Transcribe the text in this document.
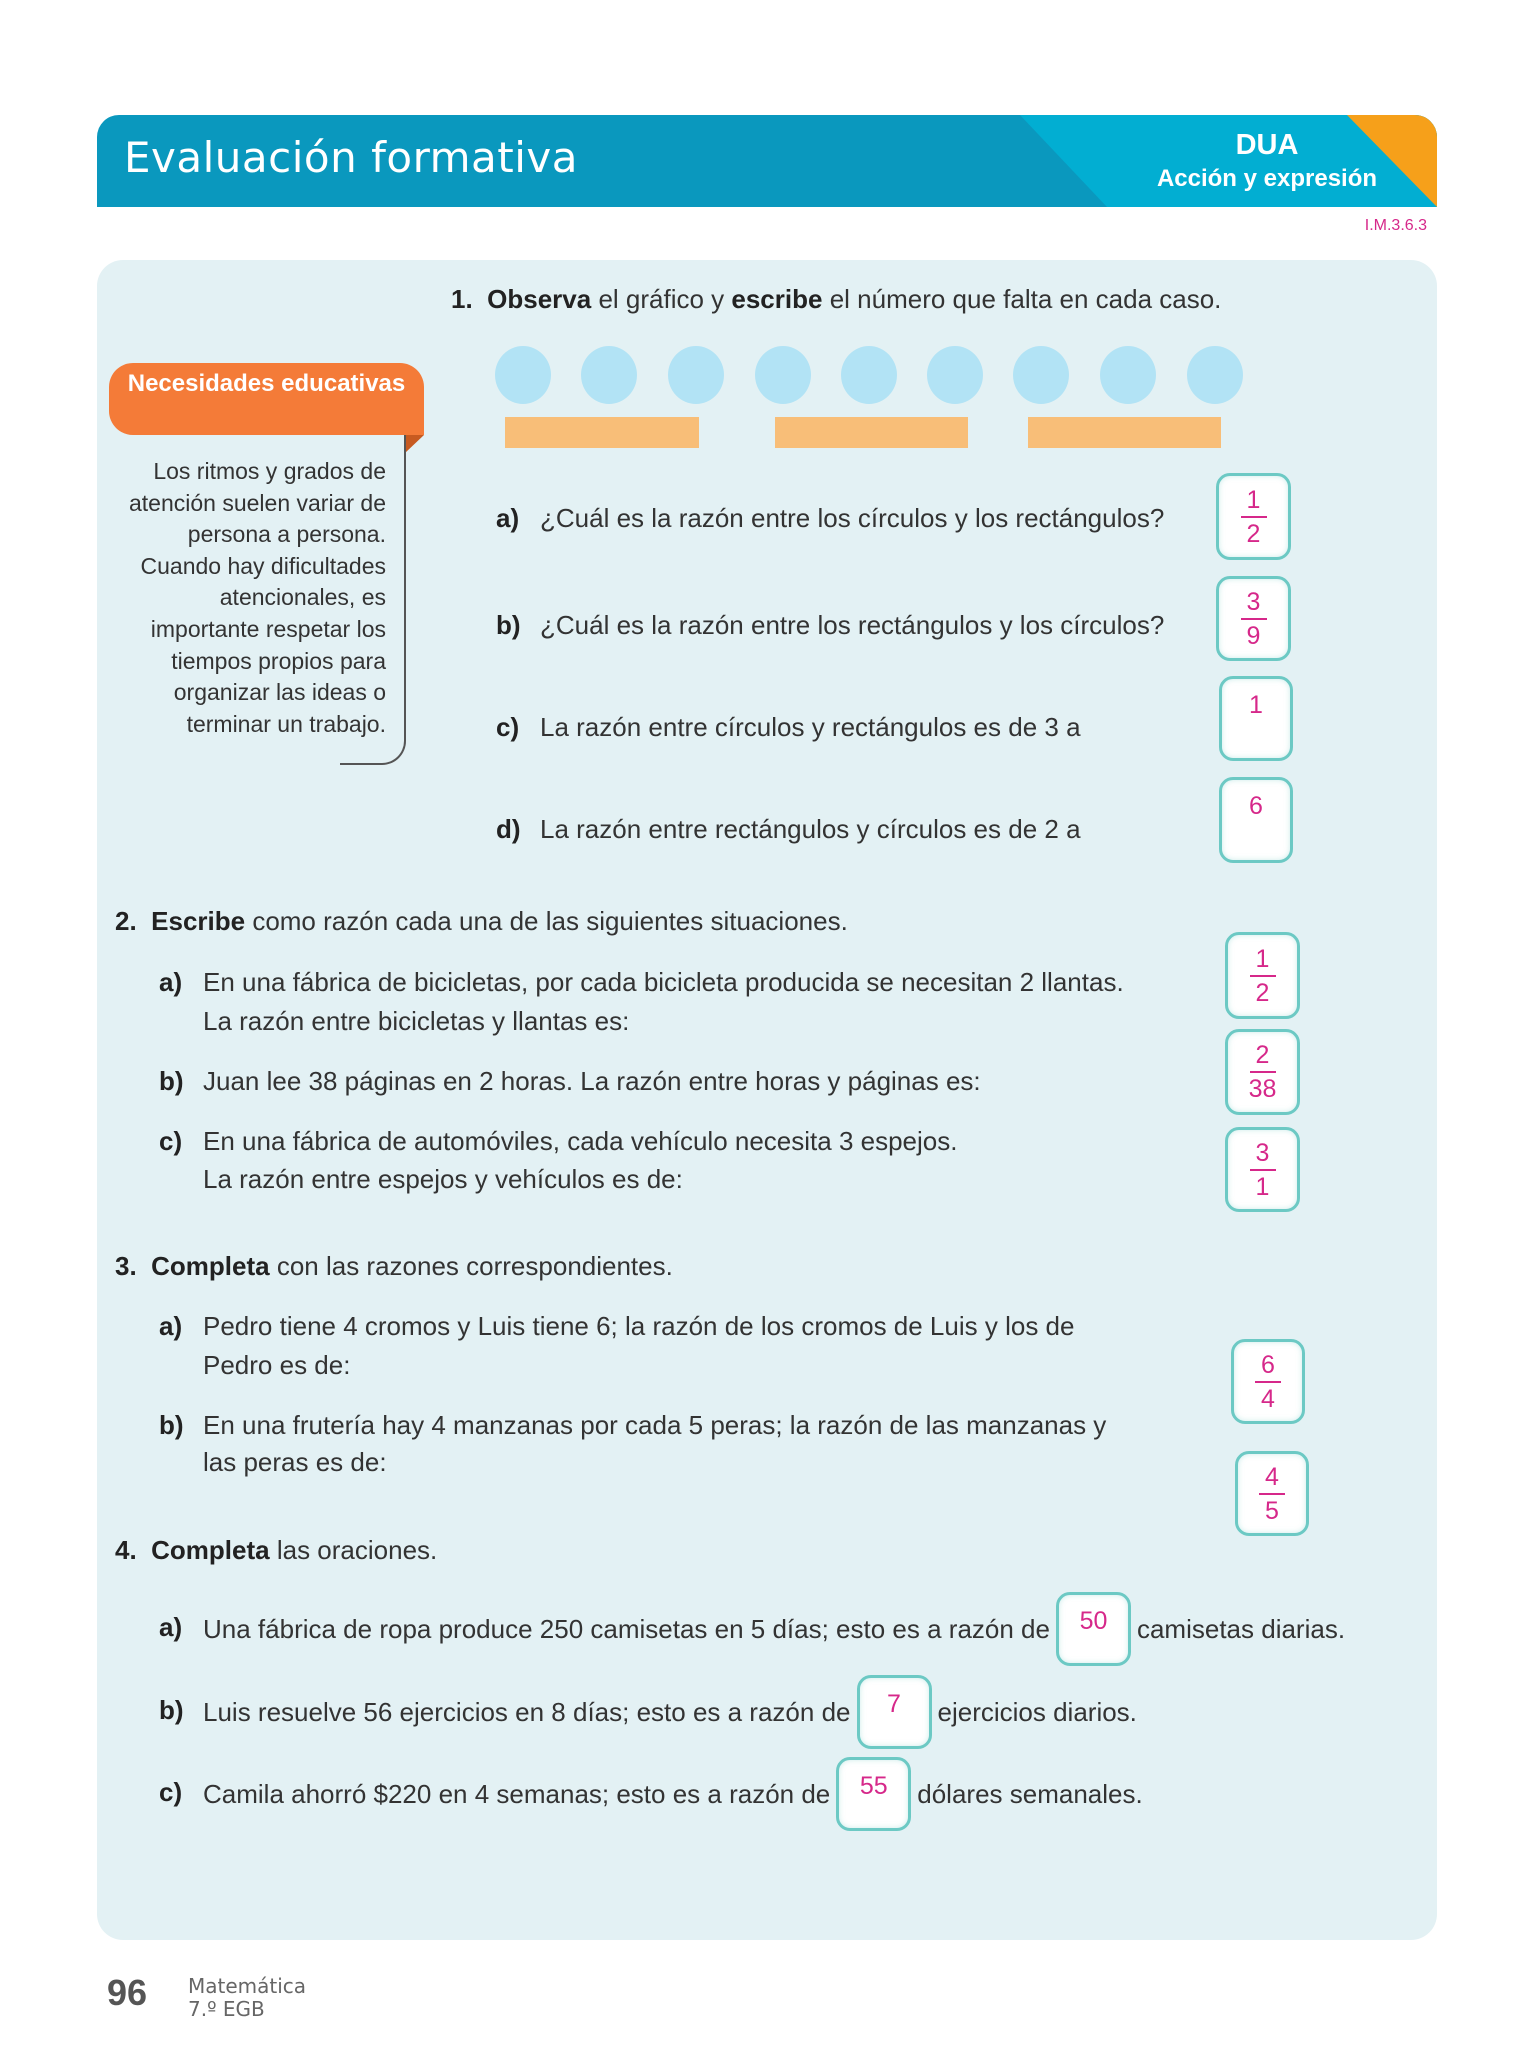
Evaluación formativa	DUA
Acción y expresión
I.M.3.6.3
Necesidades educativas
Los ritmos y grados de
atención suelen variar de
persona a persona.
Cuando hay dificultades
atencionales, es
importante respetar los
tiempos propios para
organizar las ideas o
terminar un trabajo.
1. Observa el gráfico y escribe el número que falta en cada caso.
2. Escribe como razón cada una de las siguientes situaciones.
3. Completa con las razones correspondientes.
4. Completa las oraciones.
a) ¿Cuál es la razón entre los círculos y los rectángulos?
1
2
b) ¿Cuál es la razón entre los rectángulos y los círculos?
3
9
c) La razón entre círculos y rectángulos es de 3 a
1
d) La razón entre rectángulos y círculos es de 2 a
6
a) En una fábrica de bicicletas, por cada bicicleta producida se necesitan 2 llantas.
La razón entre bicicletas y llantas es:
1
2
b) Juan lee 38 páginas en 2 horas. La razón entre horas y páginas es:
2
38
c) En una fábrica de automóviles, cada vehículo necesita 3 espejos.
La razón entre espejos y vehículos es de:
3
1
a) Pedro tiene 4 cromos y Luis tiene 6; la razón de los cromos de Luis y los de
Pedro es de:	6
4
b) En una frutería hay 4 manzanas por cada 5 peras; la razón de las manzanas y
las peras es de:	4
5
a) Una fábrica de ropa produce 250 camisetas en 5 días; esto es a razón de 50 camisetas diarias.
b) Luis resuelve 56 ejercicios en 8 días; esto es a razón de 7 ejercicios diarios.
c) Camila ahorró $220 en 4 semanas; esto es a razón de 55 dólares semanales.
96 Matemática
7.º EGB
